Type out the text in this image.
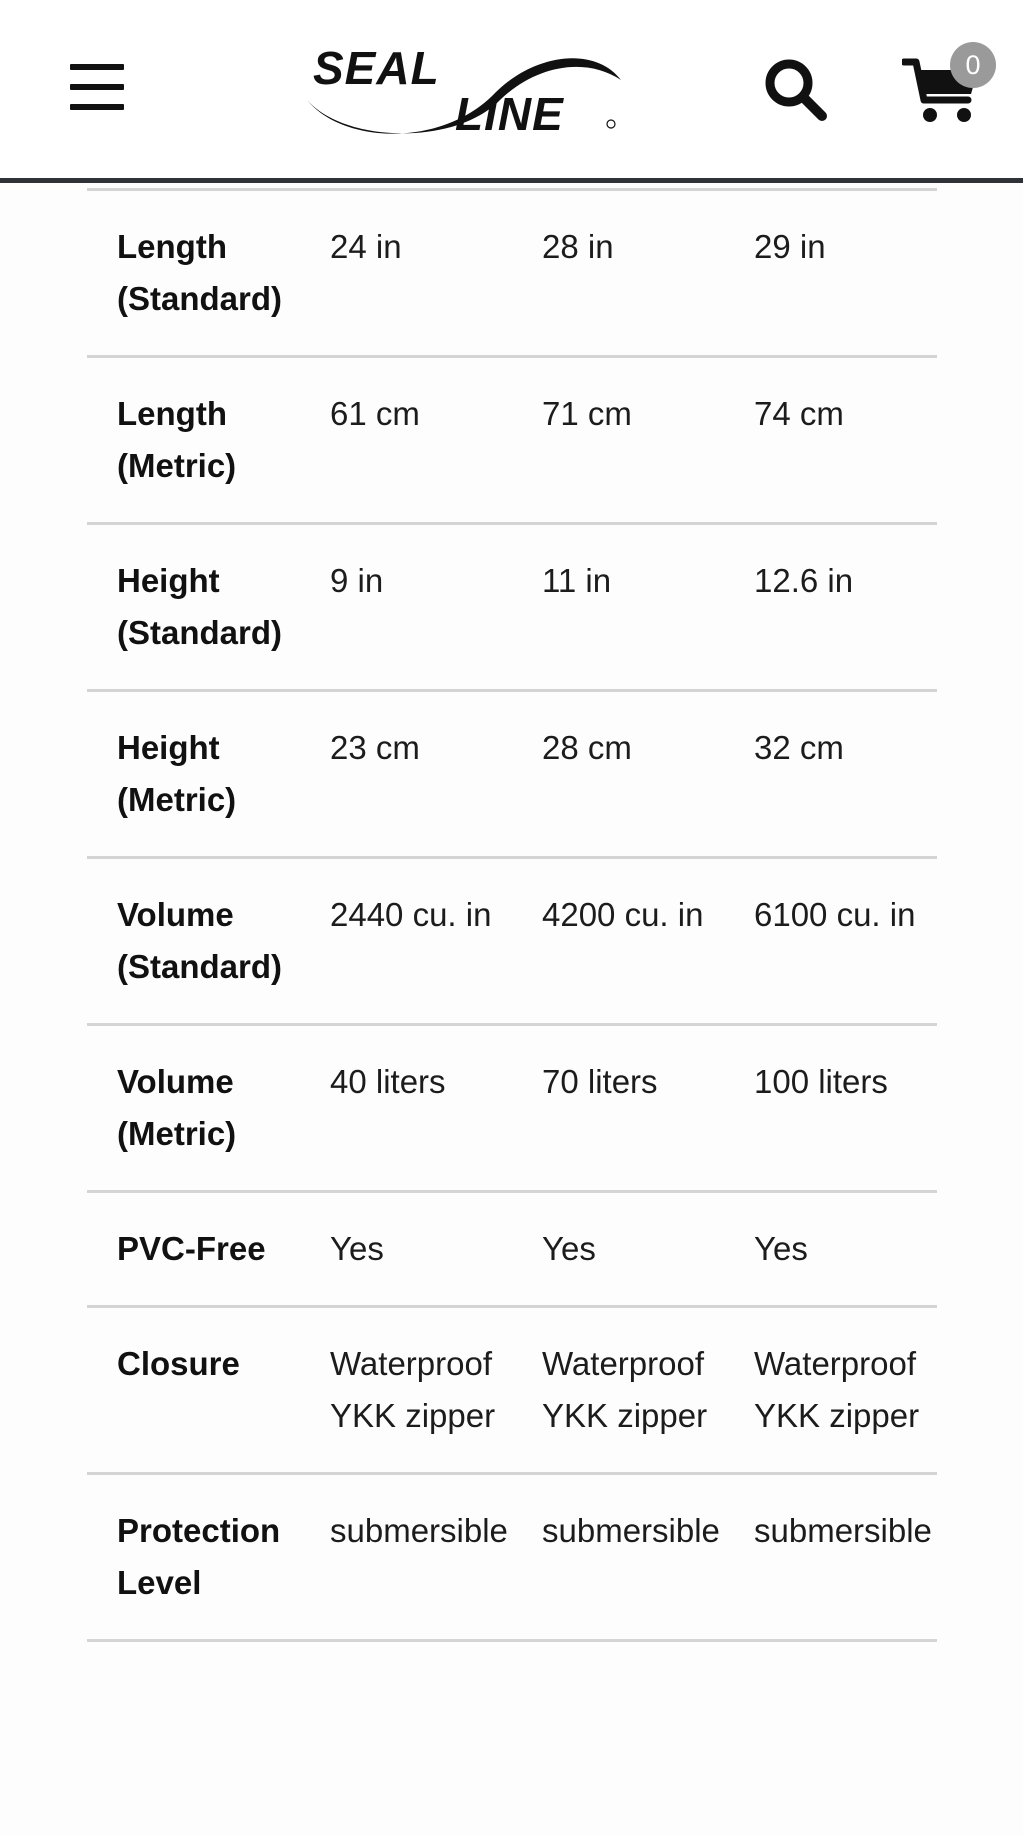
SEAL
LINE
0
Length (Standard)	24 in	28 in	29 in
Length (Metric)	61 cm	71 cm	74 cm
Height (Standard)	9 in	11 in	12.6 in
Height (Metric)	23 cm	28 cm	32 cm
Volume (Standard)	2440 cu. in	4200 cu. in	6100 cu. in
Volume (Metric)	40 liters	70 liters	100 liters
PVC-Free	Yes	Yes	Yes
Closure	Waterproof YKK zipper	Waterproof YKK zipper	Waterproof YKK zipper
Protection Level	submersible	submersible	submersible
